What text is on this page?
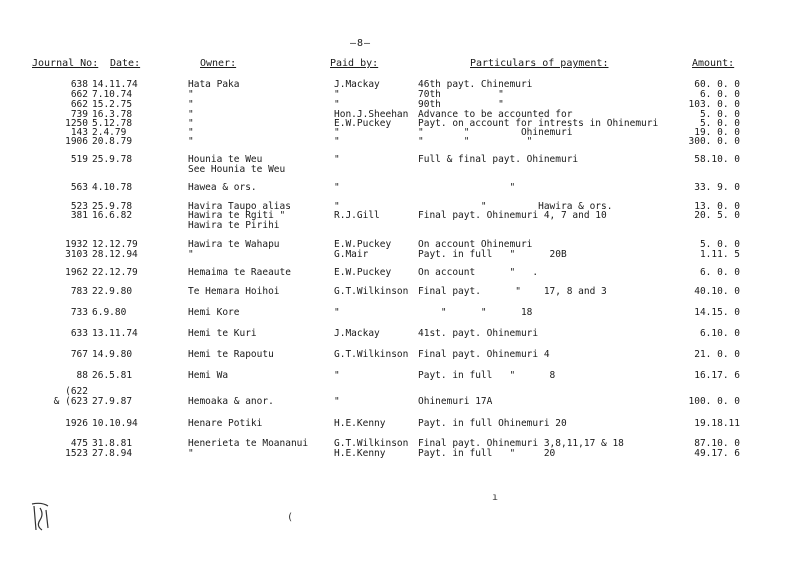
—8—
Journal No: Date:	Owner:	Paid by:	Particulars of payment:	Amount:
638 14.11.74	Hata Paka	J.Mackay	46th payt. Chinemuri	60. 0. 0
662 7.10.74	"	"	70th          "	6. 0. 0
662 15.2.75	"	"	90th          "	103. 0. 0
739 16.3.78	"	Hon.J.Sheehan	Advance to be accounted for	5. 0. 0
1250 5.12.78	"	E.W.Puckey	Payt. on account for intrests in Ohinemuri	5. 0. 0
143 2.4.79	"	"	"       "         Ohinemuri	19. 0. 0
1906 20.8.79	"	"	"       "          "	300. 0. 0
519 25.9.78	Hounia te Weu	"	Full & final payt. Ohinemuri	58.10. 0
See Hounia te Weu
563 4.10.78	Hawea & ors.	"	"	33. 9. 0
523 25.9.78	Havira Taupo alias	"	"         Hawira & ors.	13. 0. 0
381 16.6.82	Hawira te Rgiti "	R.J.Gill	Final payt. Ohinemuri 4, 7 and 10	20. 5. 0
Hawira te Pirihi
1932 12.12.79	Hawira te Wahapu	E.W.Puckey	On account Ohinemuri	5. 0. 0
3103 28.12.94	"	G.Mair	Payt. in full   "      20B	1.11. 5
1962 22.12.79	Hemaima te Raeaute	E.W.Puckey	On account      "   .	6. 0. 0
783 22.9.80	Te Hemara Hoihoi	G.T.Wilkinson	Final payt.      "    17, 8 and 3	40.10. 0
733 6.9.80	Hemi Kore	"	"      "      18	14.15. 0
633 13.11.74	Hemi te Kuri	J.Mackay	41st. payt. Ohinemuri	6.10. 0
767 14.9.80	Hemi te Rapoutu	G.T.Wilkinson	Final payt. Ohinemuri 4	21. 0. 0
88 26.5.81	Hemi Wa	"	Payt. in full   "      8	16.17. 6
(622
& (623 27.9.87	Hemoaka & anor.	"	Ohinemuri 17A	100. 0. 0
1926 10.10.94	Henare Potiki	H.E.Kenny	Payt. in full Ohinemuri 20	19.18.11
475 31.8.81	Henerieta te Moananui	G.T.Wilkinson	Final payt. Ohinemuri 3,8,11,17 & 18	87.10. 0
1523 27.8.94	"	H.E.Kenny	Payt. in full   "     20	49.17. 6
ı
(
